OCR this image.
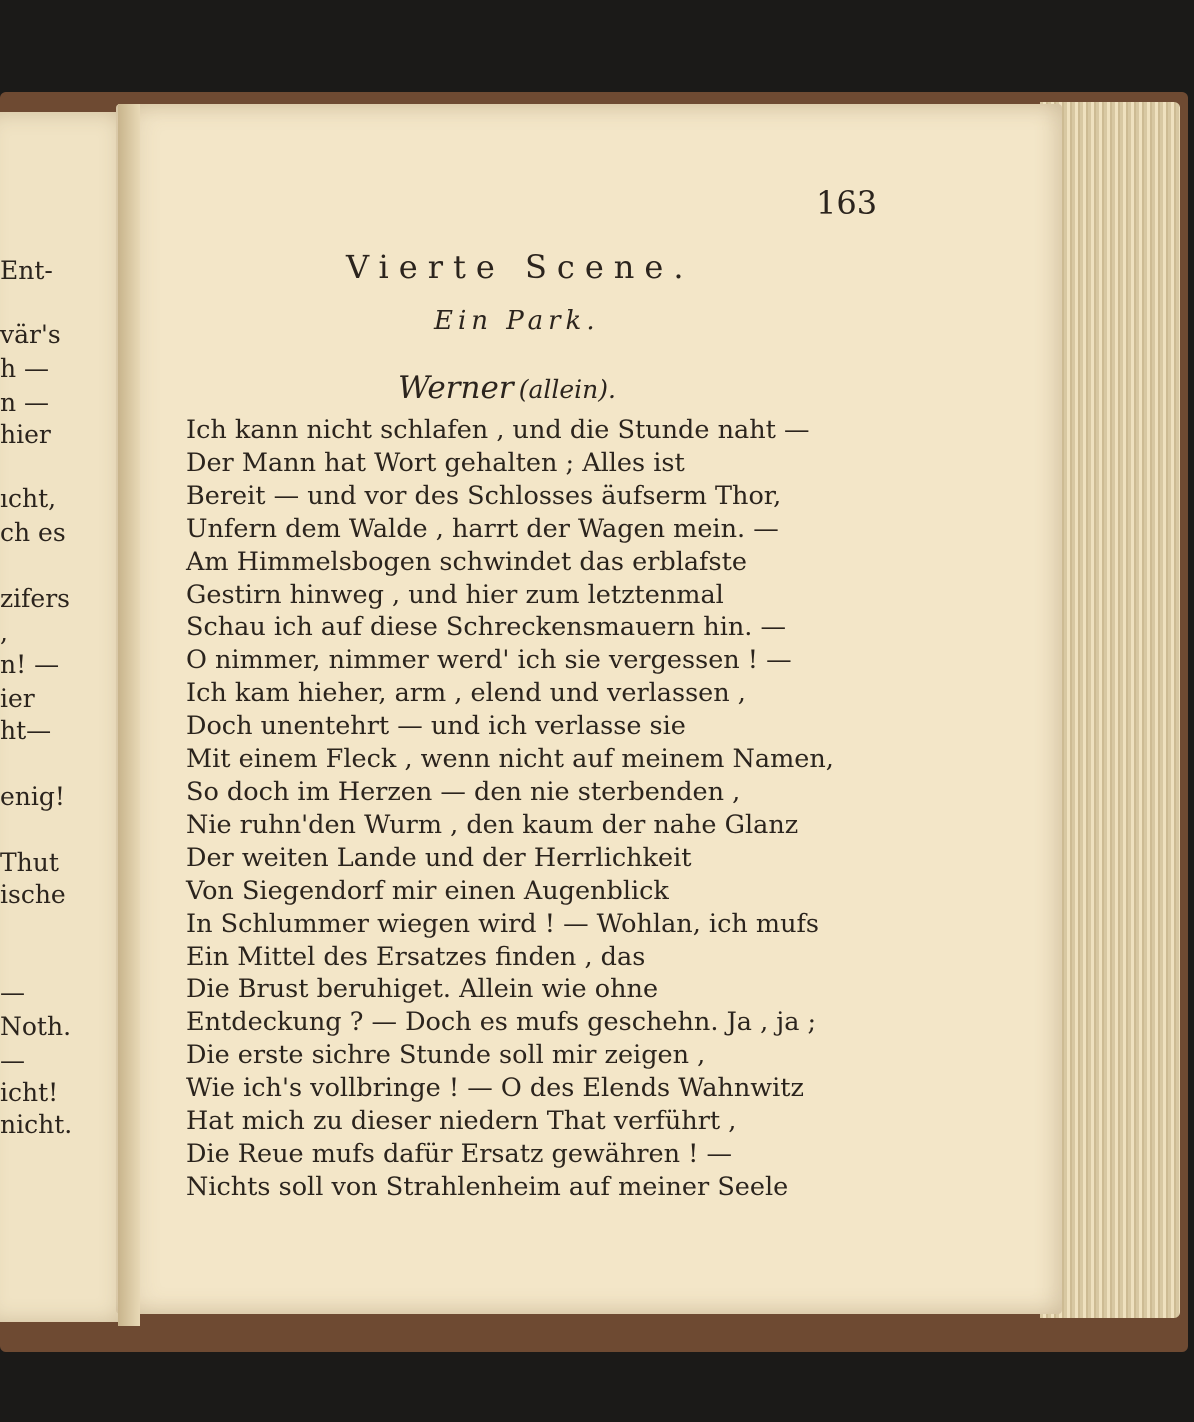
Ent-
vär's
h —
n —
hier
ıcht,
ch es
zifers
,
n! —
ier
ht—
enig!
Thut
ische
—
Noth.
—
icht!
nicht.
163
Vierte Scene.
Ein Park.
Werner (allein).
Ich kann nicht schlafen , und die Stunde naht —
Der Mann hat Wort gehalten ; Alles ist
Bereit — und vor des Schlosses äufserm Thor,
Unfern dem Walde , harrt der Wagen mein. —
Am Himmelsbogen schwindet das erblafste
Gestirn hinweg , und hier zum letztenmal
Schau ich auf diese Schreckensmauern hin. —
O nimmer, nimmer werd' ich sie vergessen ! —
Ich kam hieher, arm , elend und verlassen ,
Doch unentehrt — und ich verlasse sie
Mit einem Fleck , wenn nicht auf meinem Namen,
So doch im Herzen — den nie sterbenden ,
Nie ruhn'den Wurm , den kaum der nahe Glanz
Der weiten Lande und der Herrlichkeit
Von Siegendorf mir einen Augenblick
In Schlummer wiegen wird ! — Wohlan, ich mufs
Ein Mittel des Ersatzes finden , das
Die Brust beruhiget. Allein wie ohne
Entdeckung ? — Doch es mufs geschehn. Ja , ja ;
Die erste sichre Stunde soll mir zeigen ,
Wie ich's vollbringe ! — O des Elends Wahnwitz
Hat mich zu dieser niedern That verführt ,
Die Reue mufs dafür Ersatz gewähren ! —
Nichts soll von Strahlenheim auf meiner Seele
